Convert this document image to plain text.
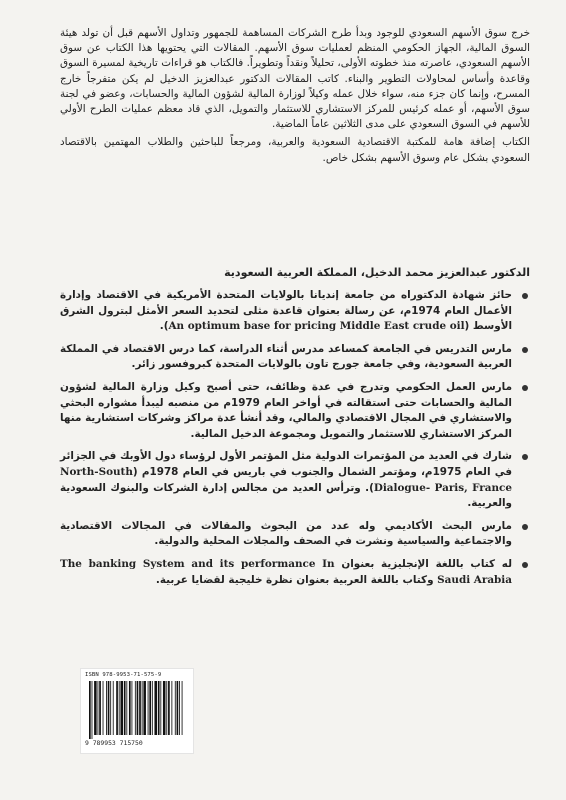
خرج سوق الأسهم السعودي للوجود وبدأ طرح الشركات المساهمة للجمهور وتداول الأسهم قبل أن تولد هيئة السوق المالية، الجهاز الحكومي المنظم لعمليات سوق الأسهم. المقالات التي يحتويها هذا الكتاب عن سوق الأسهم السعودي، عاصرته منذ خطوته الأولى، تحليلاً ونقداً وتطويراً. فالكتاب هو قراءات تاريخية لمسيرة السوق وقاعدة وأساس لمحاولات التطوير والبناء. كاتب المقالات الدكتور عبدالعزيز الدخيل لم يكن متفرجاً خارج المسرح، وإنما كان جزء منه، سواء خلال عمله وكيلاً لوزارة المالية لشؤون المالية والحسابات، وعضو في لجنة سوق الأسهم، أو عمله كرئيس للمركز الاستشاري للاستثمار والتمويل، الذي قاد معظم عمليات الطرح الأولي للأسهم في السوق السعودي على مدى الثلاثين عاماً الماضية.

الكتاب إضافة هامة للمكتبة الاقتصادية السعودية والعربية، ومرجعاً للباحثين والطلاب المهتمين بالاقتصاد السعودي بشكل عام وسوق الأسهم بشكل خاص.

الدكتور عبدالعزيز محمد الدخيل، المملكة العربية السعودية
حائز شهادة الدكتوراه من جامعة إنديانا بالولايات المتحدة الأمريكية في الاقتصاد وإدارة الأعمال العام 1974م، عن رسالة بعنوان قاعدة مثلى لتحديد السعر الأمثل لبترول الشرق الأوسط (An optimum base for pricing Middle East crude oil).
مارس التدريس في الجامعة كمساعد مدرس أثناء الدراسة، كما درس الاقتصاد في المملكة العربية السعودية، وفي جامعة جورج تاون بالولايات المتحدة كبروفسور زائر.
مارس العمل الحكومي وتدرج في عدة وظائف، حتى أصبح وكيل وزارة المالية لشؤون المالية والحسابات حتى استقالته في أواخر العام 1979م من منصبه ليبدأ مشواره البحثي والاستشاري في المجال الاقتصادي والمالي، وقد أنشأ عدة مراكز وشركات استشارية منها المركز الاستشاري للاستثمار والتمويل ومجموعة الدخيل المالية.
شارك في العديد من المؤتمرات الدولية مثل المؤتمر الأول لرؤساء دول الأوبك في الجزائر في العام 1975م، ومؤتمر الشمال والجنوب في باريس في العام 1978م (North-South Dialogue- Paris, France). وترأس العديد من مجالس إدارة الشركات والبنوك السعودية والعربية.
مارس البحث الأكاديمي وله عدد من البحوث والمقالات في المجالات الاقتصادية والاجتماعية والسياسية ونشرت في الصحف والمجلات المحلية والدولية.
له كتاب باللغة الإنجليزية بعنوان The banking System and its performance In Saudi Arabia وكتاب باللغة العربية بعنوان نظرة خليجية لقضايا عربية.
ISBN 978-9953-71-575-9
9 789953 715750
